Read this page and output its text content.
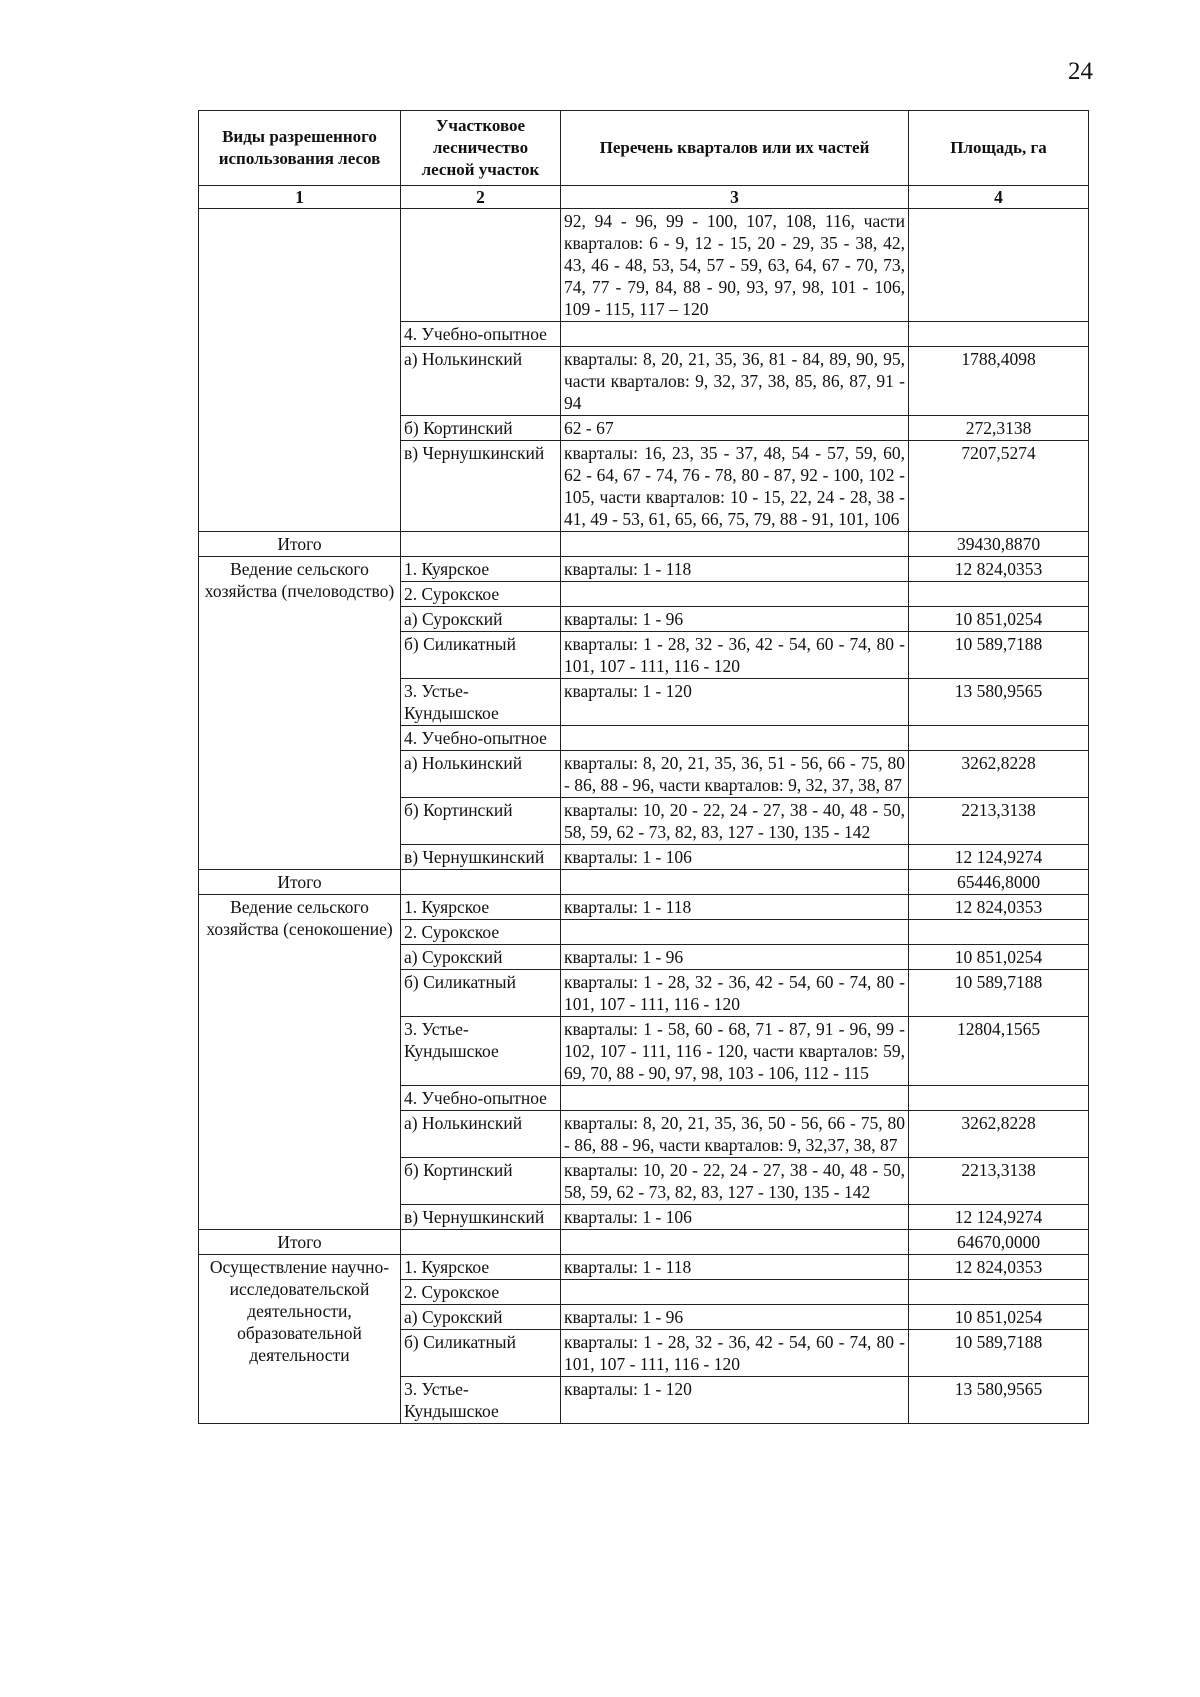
24
Виды разрешенного использования лесов	Участковое лесничество лесной участок	Перечень кварталов или их частей	Площадь, га
1	2	3	4
		92, 94 - 96, 99 - 100, 107, 108, 116, части кварталов: 6 - 9, 12 - 15, 20 - 29, 35 - 38, 42, 43, 46 - 48, 53, 54, 57 - 59, 63, 64, 67 - 70, 73, 74, 77 - 79, 84, 88 - 90, 93, 97, 98, 101 - 106, 109 - 115, 117 – 120	
	4. Учебно-опытное		
	а) Нолькинский	кварталы: 8, 20, 21, 35, 36, 81 - 84, 89, 90, 95, части кварталов: 9, 32, 37, 38, 85, 86, 87, 91 - 94	1788,4098
	б) Кортинский	62 - 67	272,3138
	в) Чернушкинский	кварталы: 16, 23, 35 - 37, 48, 54 - 57, 59, 60, 62 - 64, 67 - 74, 76 - 78, 80 - 87, 92 - 100, 102 - 105, части кварталов: 10 - 15, 22, 24 - 28, 38 - 41, 49 - 53, 61, 65, 66, 75, 79, 88 - 91, 101, 106	7207,5274
Итого			39430,8870
Ведение сельского хозяйства (пчеловодство)	1. Куярское	кварталы: 1 - 118	12 824,0353
	2. Сурокское		
	а) Сурокский	кварталы: 1 - 96	10 851,0254
	б) Силикатный	кварталы: 1 - 28, 32 - 36, 42 - 54, 60 - 74, 80 - 101, 107 - 111, 116 - 120	10 589,7188
	3. Устье-Кундышское	кварталы: 1 - 120	13 580,9565
	4. Учебно-опытное		
	а) Нолькинский	кварталы: 8, 20, 21, 35, 36, 51 - 56, 66 - 75, 80 - 86, 88 - 96, части кварталов: 9, 32, 37, 38, 87	3262,8228
	б) Кортинский	кварталы: 10, 20 - 22, 24 - 27, 38 - 40, 48 - 50, 58, 59, 62 - 73, 82, 83, 127 - 130, 135 - 142	2213,3138
	в) Чернушкинский	кварталы: 1 - 106	12 124,9274
Итого			65446,8000
Ведение сельского хозяйства (сенокошение)	1. Куярское	кварталы: 1 - 118	12 824,0353
	2. Сурокское		
	а) Сурокский	кварталы: 1 - 96	10 851,0254
	б) Силикатный	кварталы: 1 - 28, 32 - 36, 42 - 54, 60 - 74, 80 - 101, 107 - 111, 116 - 120	10 589,7188
	3. Устье-Кундышское	кварталы: 1 - 58, 60 - 68, 71 - 87, 91 - 96, 99 - 102, 107 - 111, 116 - 120, части кварталов: 59, 69, 70, 88 - 90, 97, 98, 103 - 106, 112 - 115	12804,1565
	4. Учебно-опытное		
	а) Нолькинский	кварталы: 8, 20, 21, 35, 36, 50 - 56, 66 - 75, 80 - 86, 88 - 96, части кварталов: 9, 32,37, 38, 87	3262,8228
	б) Кортинский	кварталы: 10, 20 - 22, 24 - 27, 38 - 40, 48 - 50, 58, 59, 62 - 73, 82, 83, 127 - 130, 135 - 142	2213,3138
	в) Чернушкинский	кварталы: 1 - 106	12 124,9274
Итого			64670,0000
Осуществление научно-исследовательской деятельности, образовательной деятельности	1. Куярское	кварталы: 1 - 118	12 824,0353
	2. Сурокское		
	а) Сурокский	кварталы: 1 - 96	10 851,0254
	б) Силикатный	кварталы: 1 - 28, 32 - 36, 42 - 54, 60 - 74, 80 - 101, 107 - 111, 116 - 120	10 589,7188
	3. Устье-Кундышское	кварталы: 1 - 120	13 580,9565
